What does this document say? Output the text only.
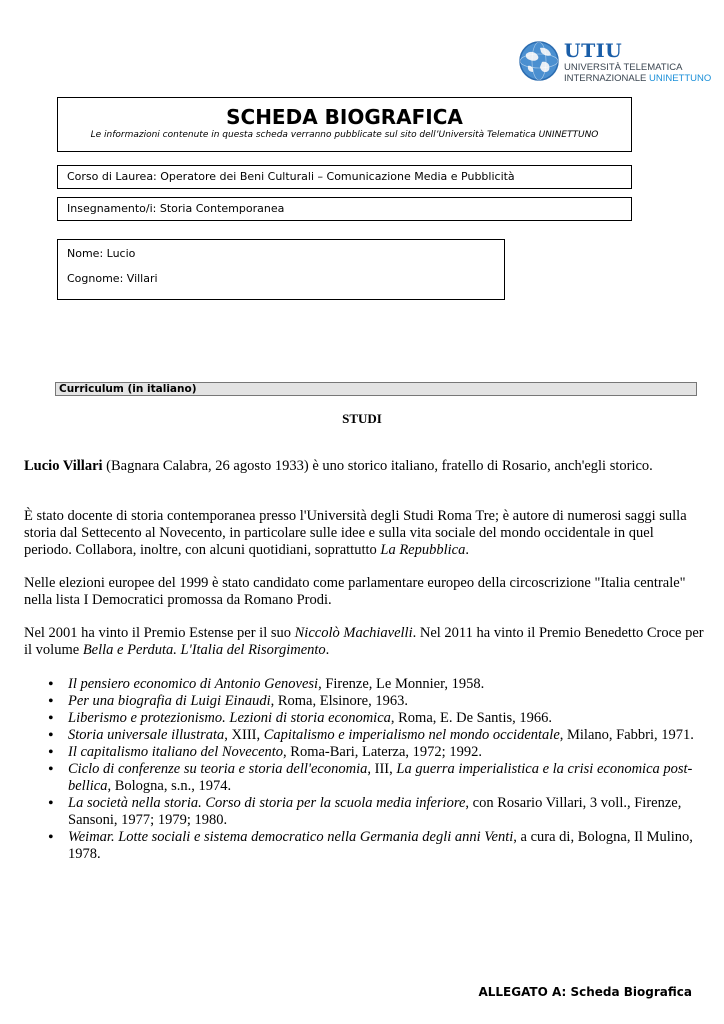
UTIU
UNIVERSITÀ TELEMATICA
INTERNAZIONALE UNINETTUNO
SCHEDA BIOGRAFICA

Le informazioni contenute in questa scheda verranno pubblicate sul sito dell’Università Telematica UNINETTUNO

Corso di Laurea: Operatore dei Beni Culturali – Comunicazione Media e Pubblicità
Insegnamento/i: Storia Contemporanea
Nome: Lucio
Cognome: Villari
Curriculum (in italiano)
STUDI
Lucio Villari (Bagnara Calabra, 26 agosto 1933) è uno storico italiano, fratello di Rosario, anch'egli storico.
È stato docente di storia contemporanea presso l'Università degli Studi Roma Tre; è autore di numerosi saggi sulla storia dal Settecento al Novecento, in particolare sulle idee e sulla vita sociale del mondo occidentale in quel periodo. Collabora, inoltre, con alcuni quotidiani, soprattutto La Repubblica.
Nelle elezioni europee del 1999 è stato candidato come parlamentare europeo della circoscrizione "Italia centrale" nella lista I Democratici promossa da Romano Prodi.
Nel 2001 ha vinto il Premio Estense per il suo Niccolò Machiavelli. Nel 2011 ha vinto il Premio Benedetto Croce per il volume Bella e Perduta. L'Italia del Risorgimento.
• Il pensiero economico di Antonio Genovesi, Firenze, Le Monnier, 1958.
• Per una biografia di Luigi Einaudi, Roma, Elsinore, 1963.
• Liberismo e protezionismo. Lezioni di storia economica, Roma, E. De Santis, 1966.
• Storia universale illustrata, XIII, Capitalismo e imperialismo nel mondo occidentale, Milano, Fabbri, 1971.
• Il capitalismo italiano del Novecento, Roma-Bari, Laterza, 1972; 1992.
• Ciclo di conferenze su teoria e storia dell'economia, III, La guerra imperialistica e la crisi economica post-bellica, Bologna, s.n., 1974.
• La società nella storia. Corso di storia per la scuola media inferiore, con Rosario Villari, 3 voll., Firenze, Sansoni, 1977; 1979; 1980.
• Weimar. Lotte sociali e sistema democratico nella Germania degli anni Venti, a cura di, Bologna, Il Mulino, 1978.
ALLEGATO A: Scheda Biografica
